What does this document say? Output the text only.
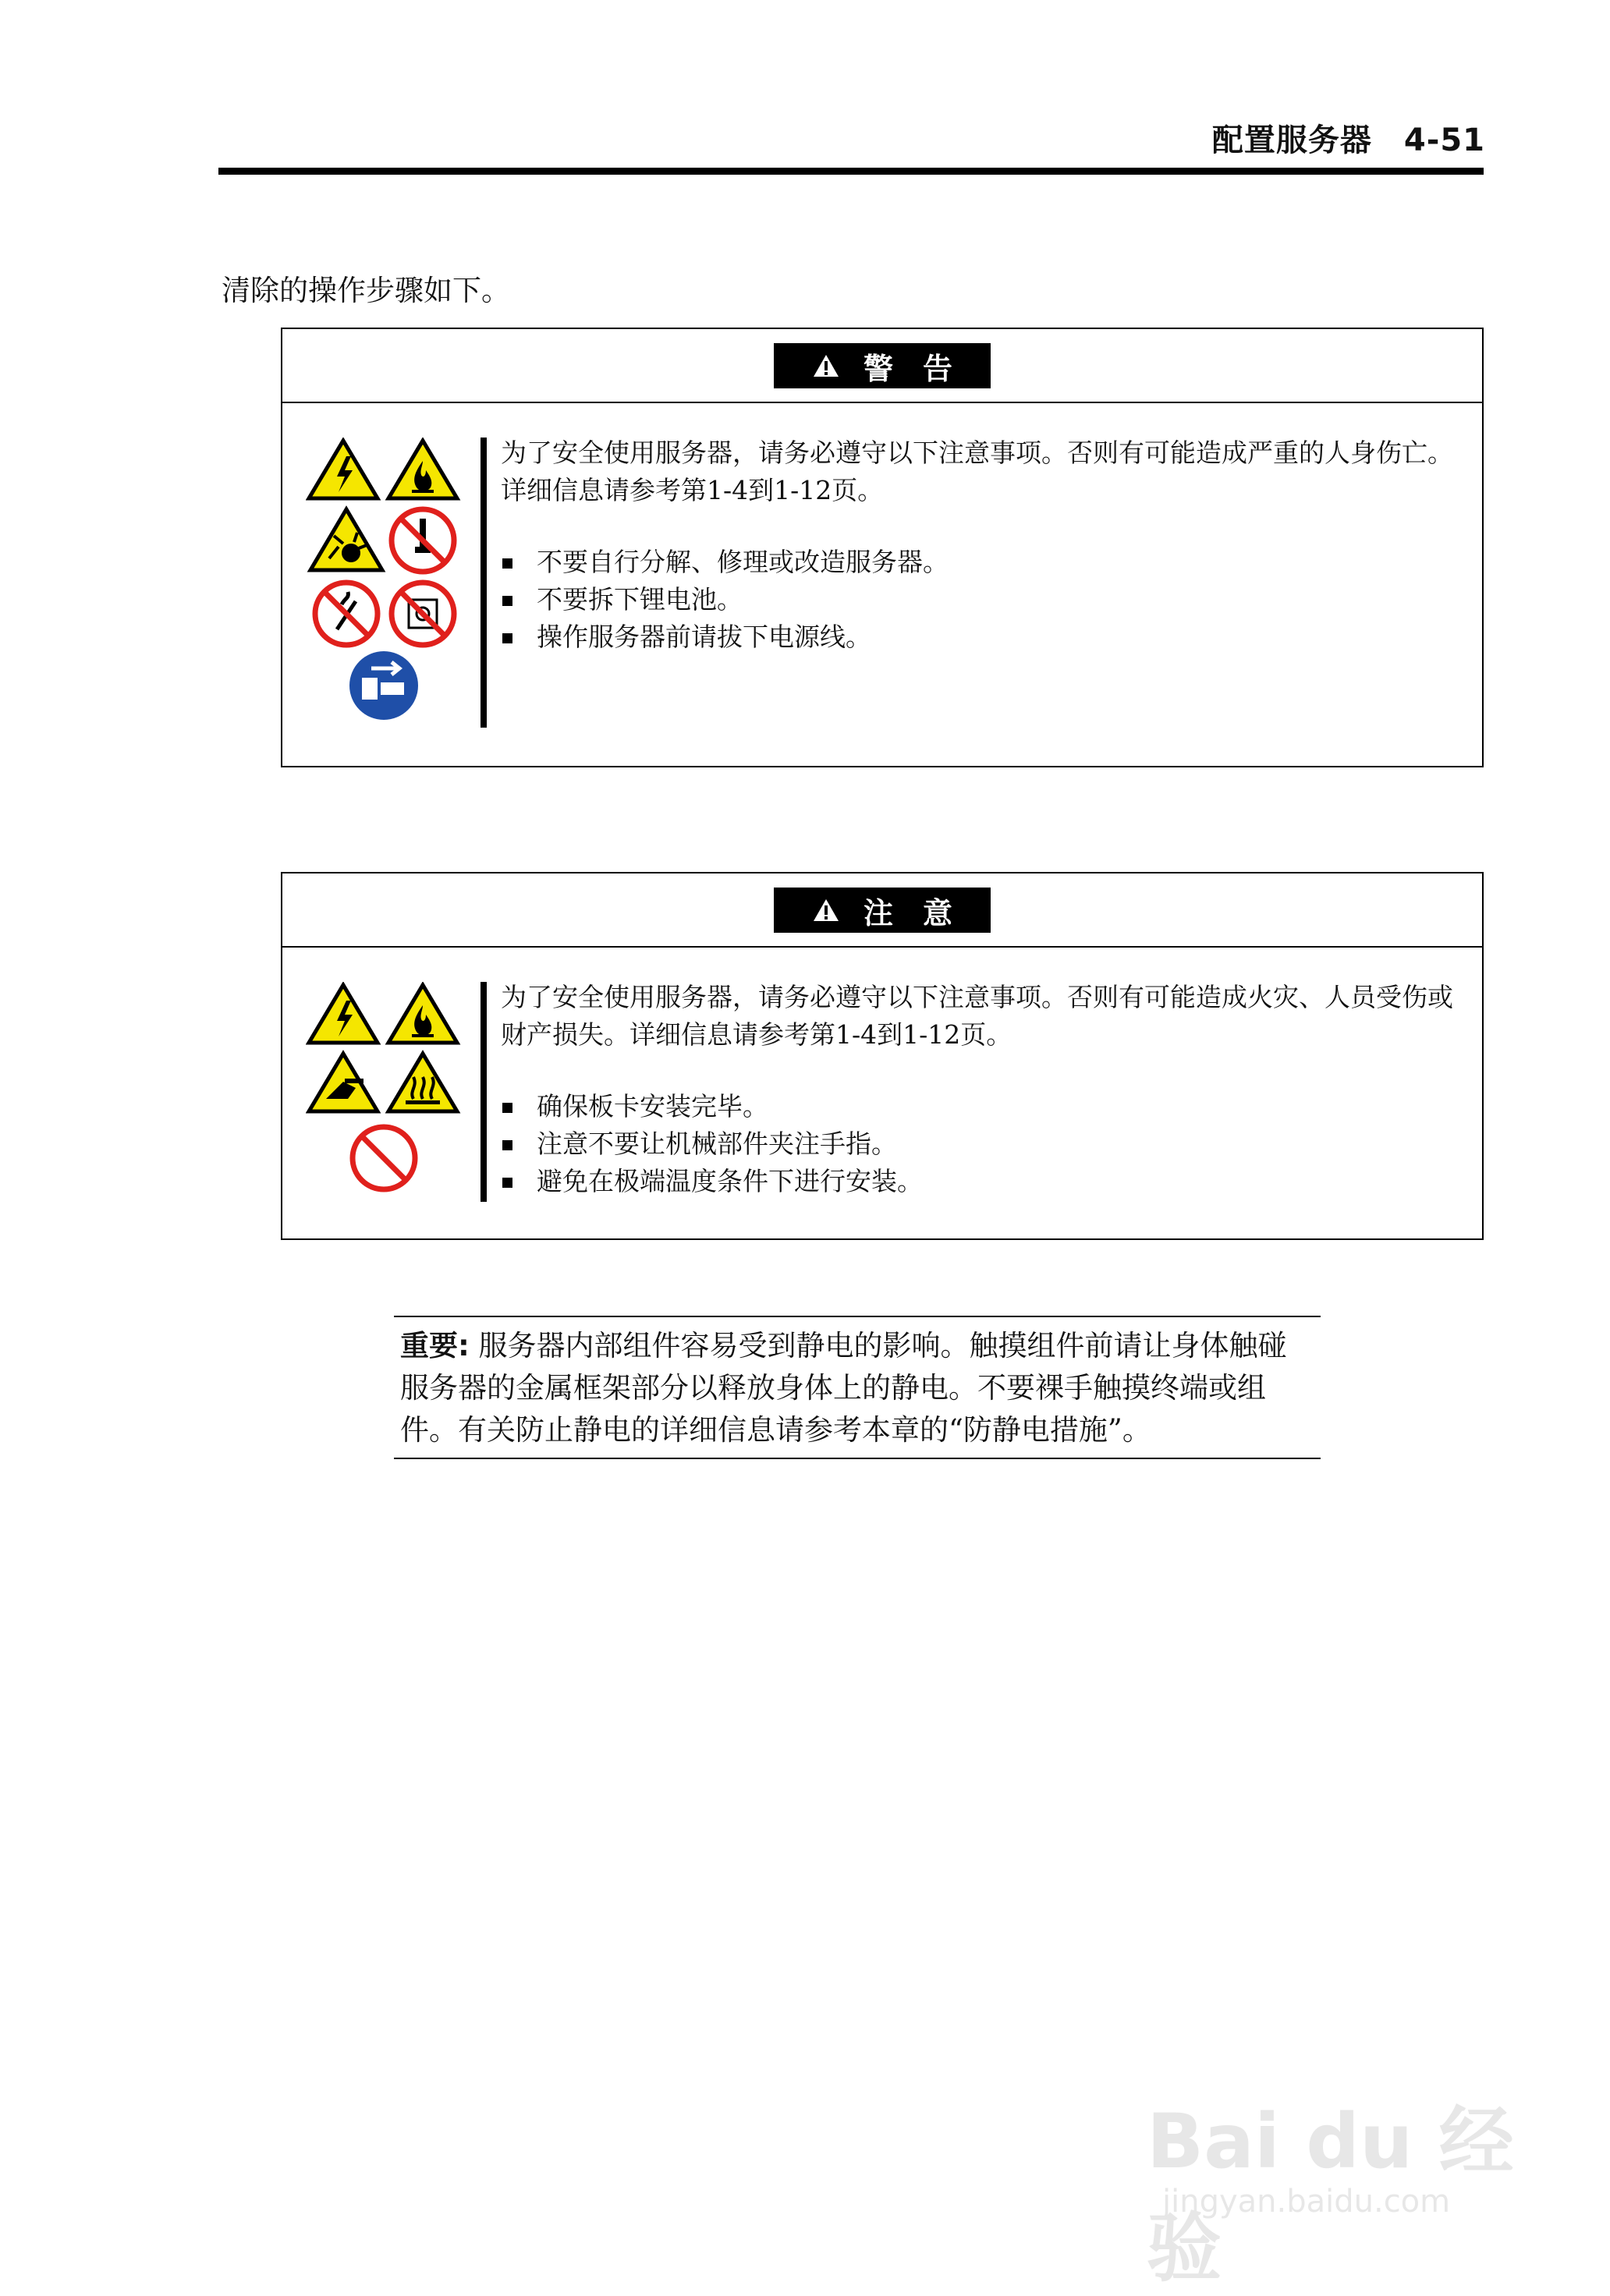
配置服务器　4-51
清除的操作步骤如下。
警　告
为了安全使用服务器，请务必遵守以下注意事项。否则有可能造成严重的人身伤亡。详细信息请参考第1-4到1-12页。
不要自行分解、修理或改造服务器。
不要拆下锂电池。
操作服务器前请拔下电源线。
注　意
为了安全使用服务器，请务必遵守以下注意事项。否则有可能造成火灾、人员受伤或财产损失。详细信息请参考第1-4到1-12页。
确保板卡安装完毕。
注意不要让机械部件夹注手指。
避免在极端温度条件下进行安装。
重要: 服务器内部组件容易受到静电的影响。触摸组件前请让身体触碰服务器的金属框架部分以释放身体上的静电。不要裸手触摸终端或组件。有关防止静电的详细信息请参考本章的“防静电措施”。
Bai du 经验
jingyan.baidu.com
